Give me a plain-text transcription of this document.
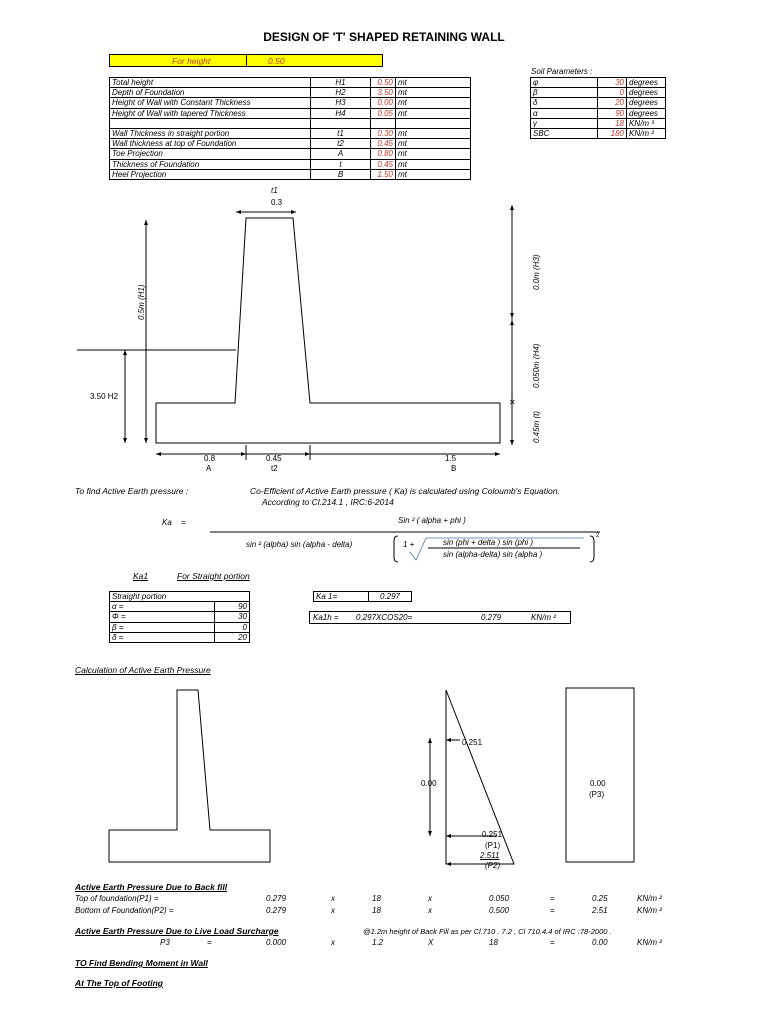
DESIGN OF 'T' SHAPED RETAINING WALL
For height	0.50
Total height	H1	0.50	mt
Depth of Foundation	H2	3.50	mt
Height of Wall with Constant Thickness	H3	0.00	mt
Height of Wall with tapered Thickness	H4	0.05	mt

Wall Thickness in straight portion	t1	0.30	mt
Wall thickness at top of Foundation	t2	0.45	mt
Toe Projection	A	0.80	mt
Thickness of Foundation	t	0.45	mt
Heel Projection	B	1.50	mt
Soil Parameters :
φ	30	degrees
β	0	degrees
δ	20	degrees
α	90	degrees
γ	18	KN/m ³
SBC	180	KN/m ²
✕
t1
0.3
0.5m (H1)
3.50 H2
0.0m (H3)
0.050m (H4)
0.45m (t)
0.8
A
0.45
t2
1.5
B
To find Active Earth pressure :	Co-Efficient of Active Earth pressure ( Ka) is calculated using Coloumb's Equation.
According to Cl.214.1 , IRC:6-2014
Ka =	Sin ² ( alpha + phi )
sin ² (alpha) sin (alpha - delta)	1 +	sin (phi + delta ) sin (phi )
sin (alpha-delta) sin (alpha )
2
Ka1	For Straight portion
Straight portion	
α =	90
Φ =	30
β =	0
δ =	20
Ka 1=	0.297
Ka1h = 0.297XCOS20=	0.279	KN/m ²
Calculation of Active Earth Pressure
0.251
0.00
0.251
(P1)
2.511
(P2)
0.00
(P3)
Active Earth Pressure Due to Back fill
Top of foundation(P1) =	0.279	x	18	x	0.050	=	0.25	KN/m ²
Bottom of Foundation(P2) =	0.279	x	18	x	0.500	=	2.51	KN/m ²
Active Earth Pressure Due to Live Load Surcharge	@1.2m height of Back Fill as per Cl.710 . 7.2 , Cl 710.4.4 of IRC :78-2000 .
P3	=	0.000	x	1.2	X	18	=	0.00	KN/m ²
TO Find Bending Moment in Wall
At The Top of Footing
